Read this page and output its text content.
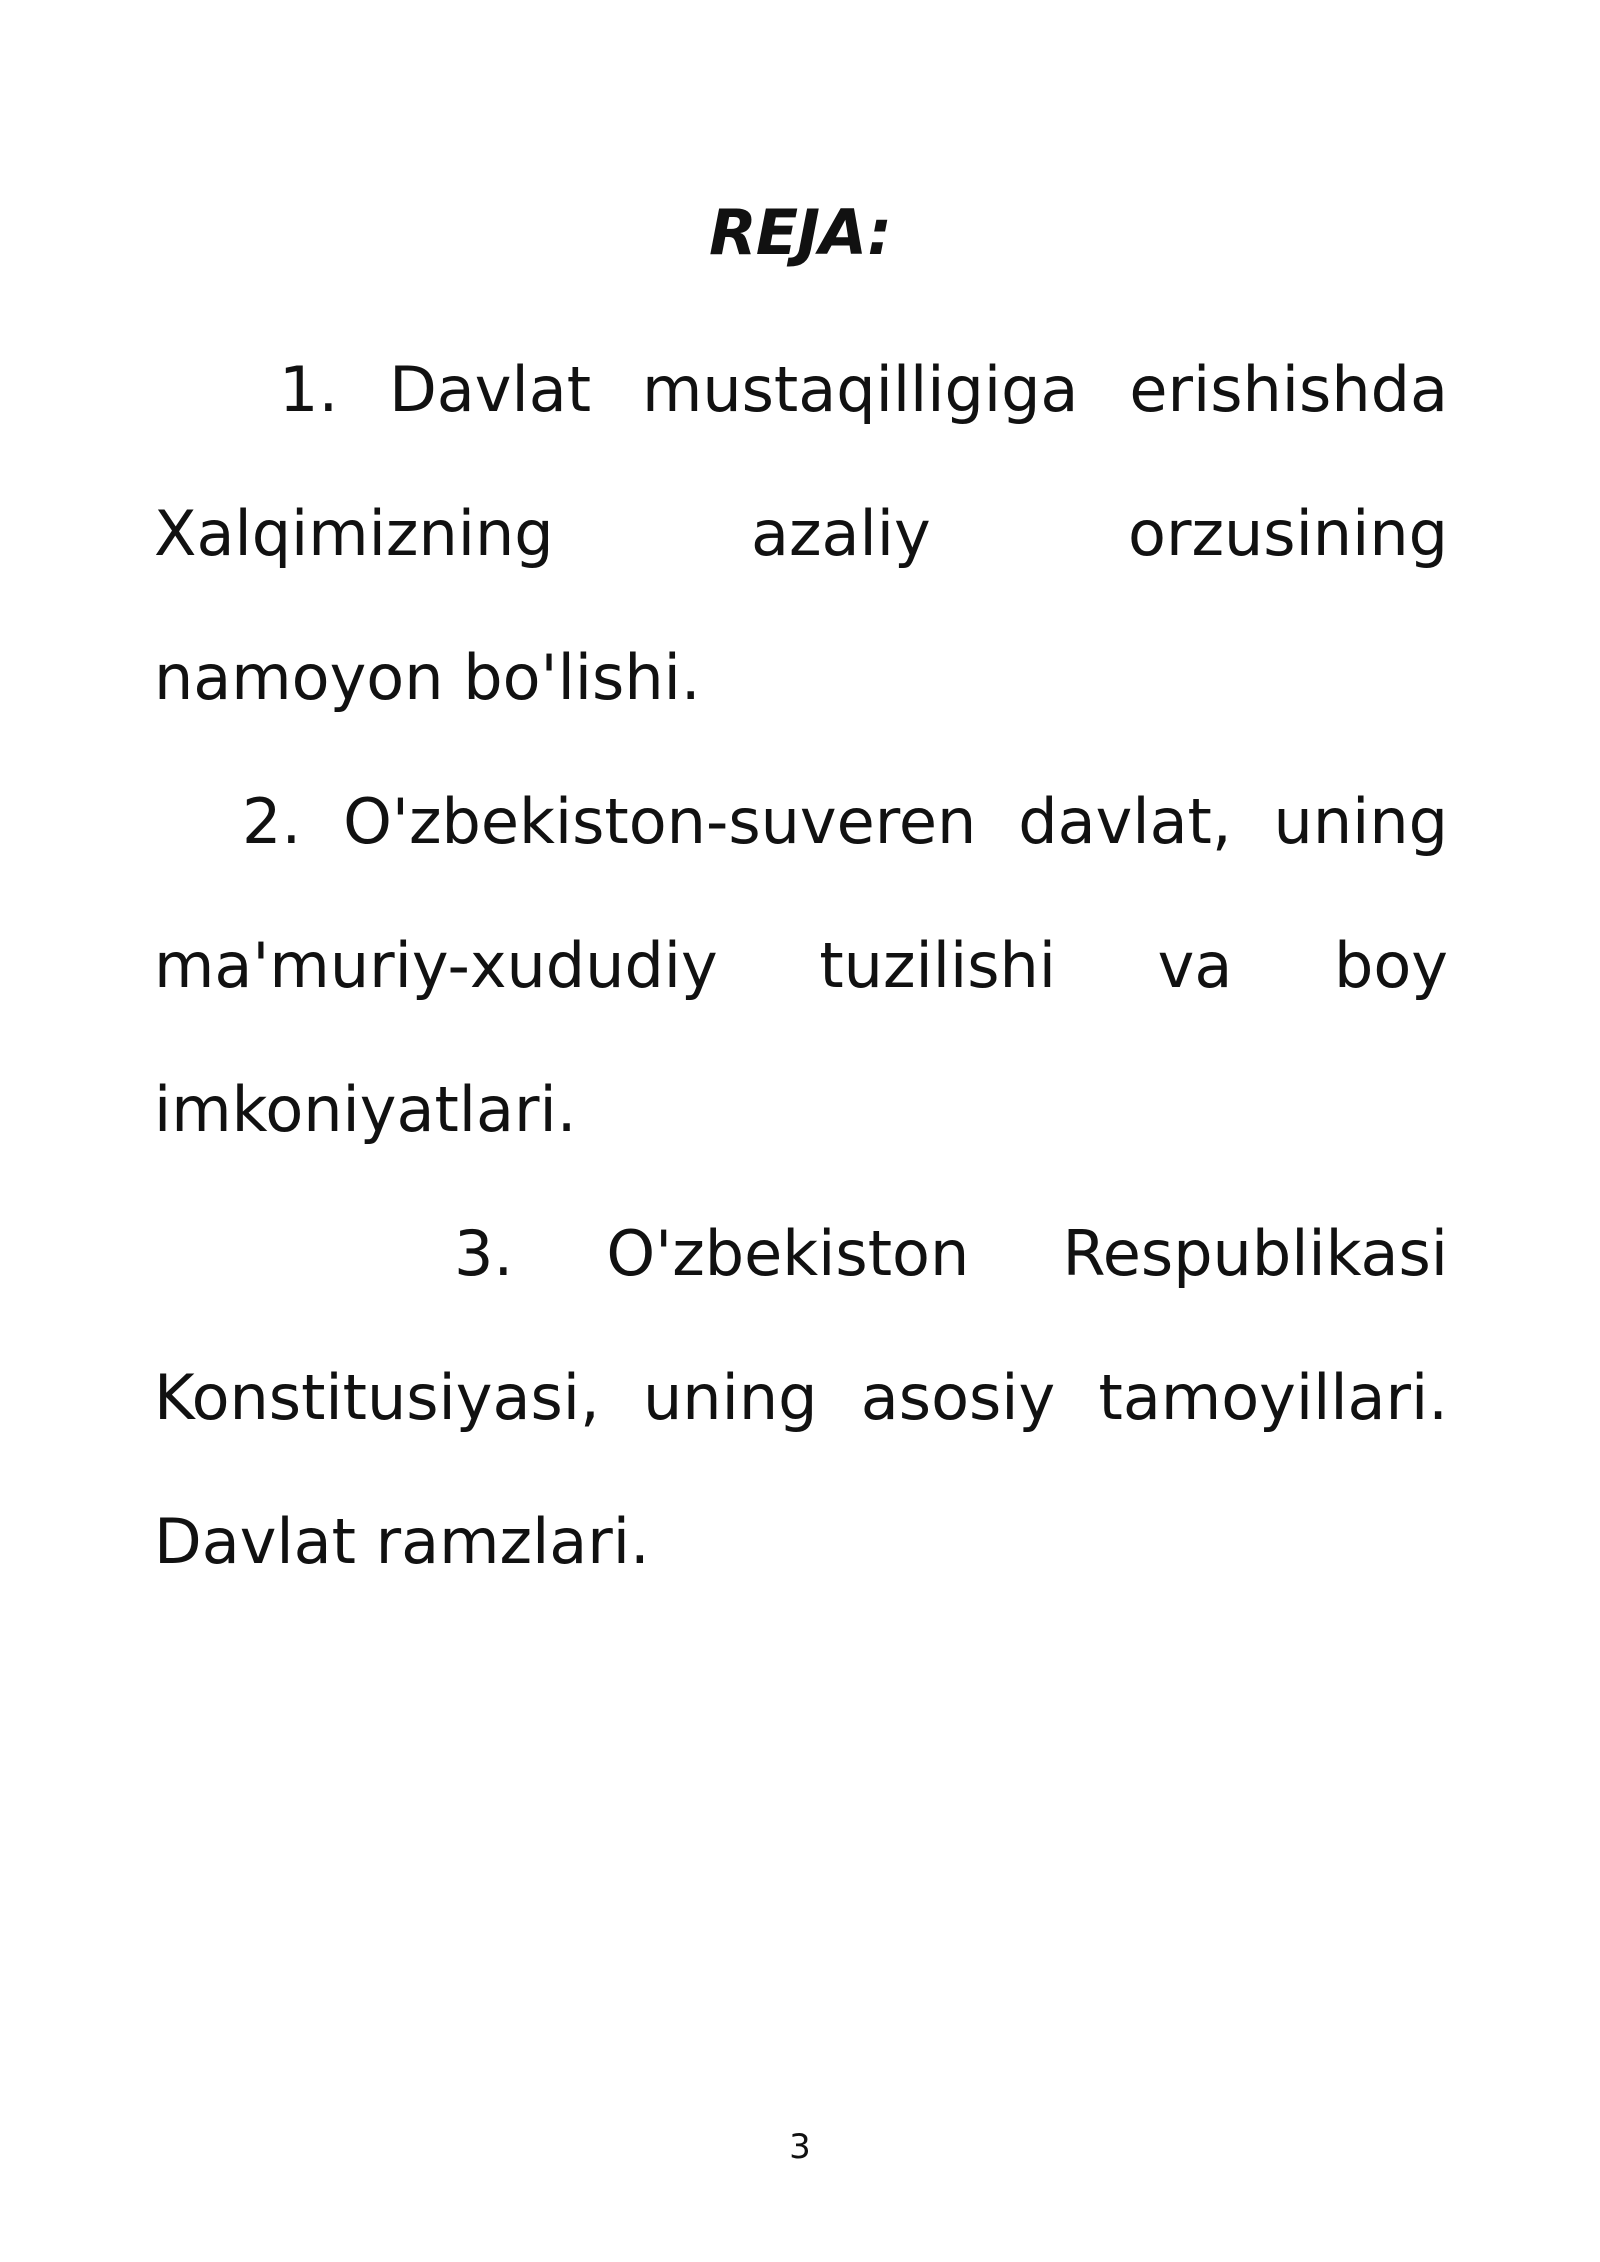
REJA:
1. Davlat mustaqilligiga erishishda
Xalqimizning	azaliy	orzusining
namoyon bo'lishi.
2. O'zbekiston-suveren davlat, uning
ma'muriy-xududiy tuzilishi va boy
imkoniyatlari.
3. O'zbekiston Respublikasi
Konstitusiyasi, uning asosiy tamoyillari.
Davlat ramzlari.
3
